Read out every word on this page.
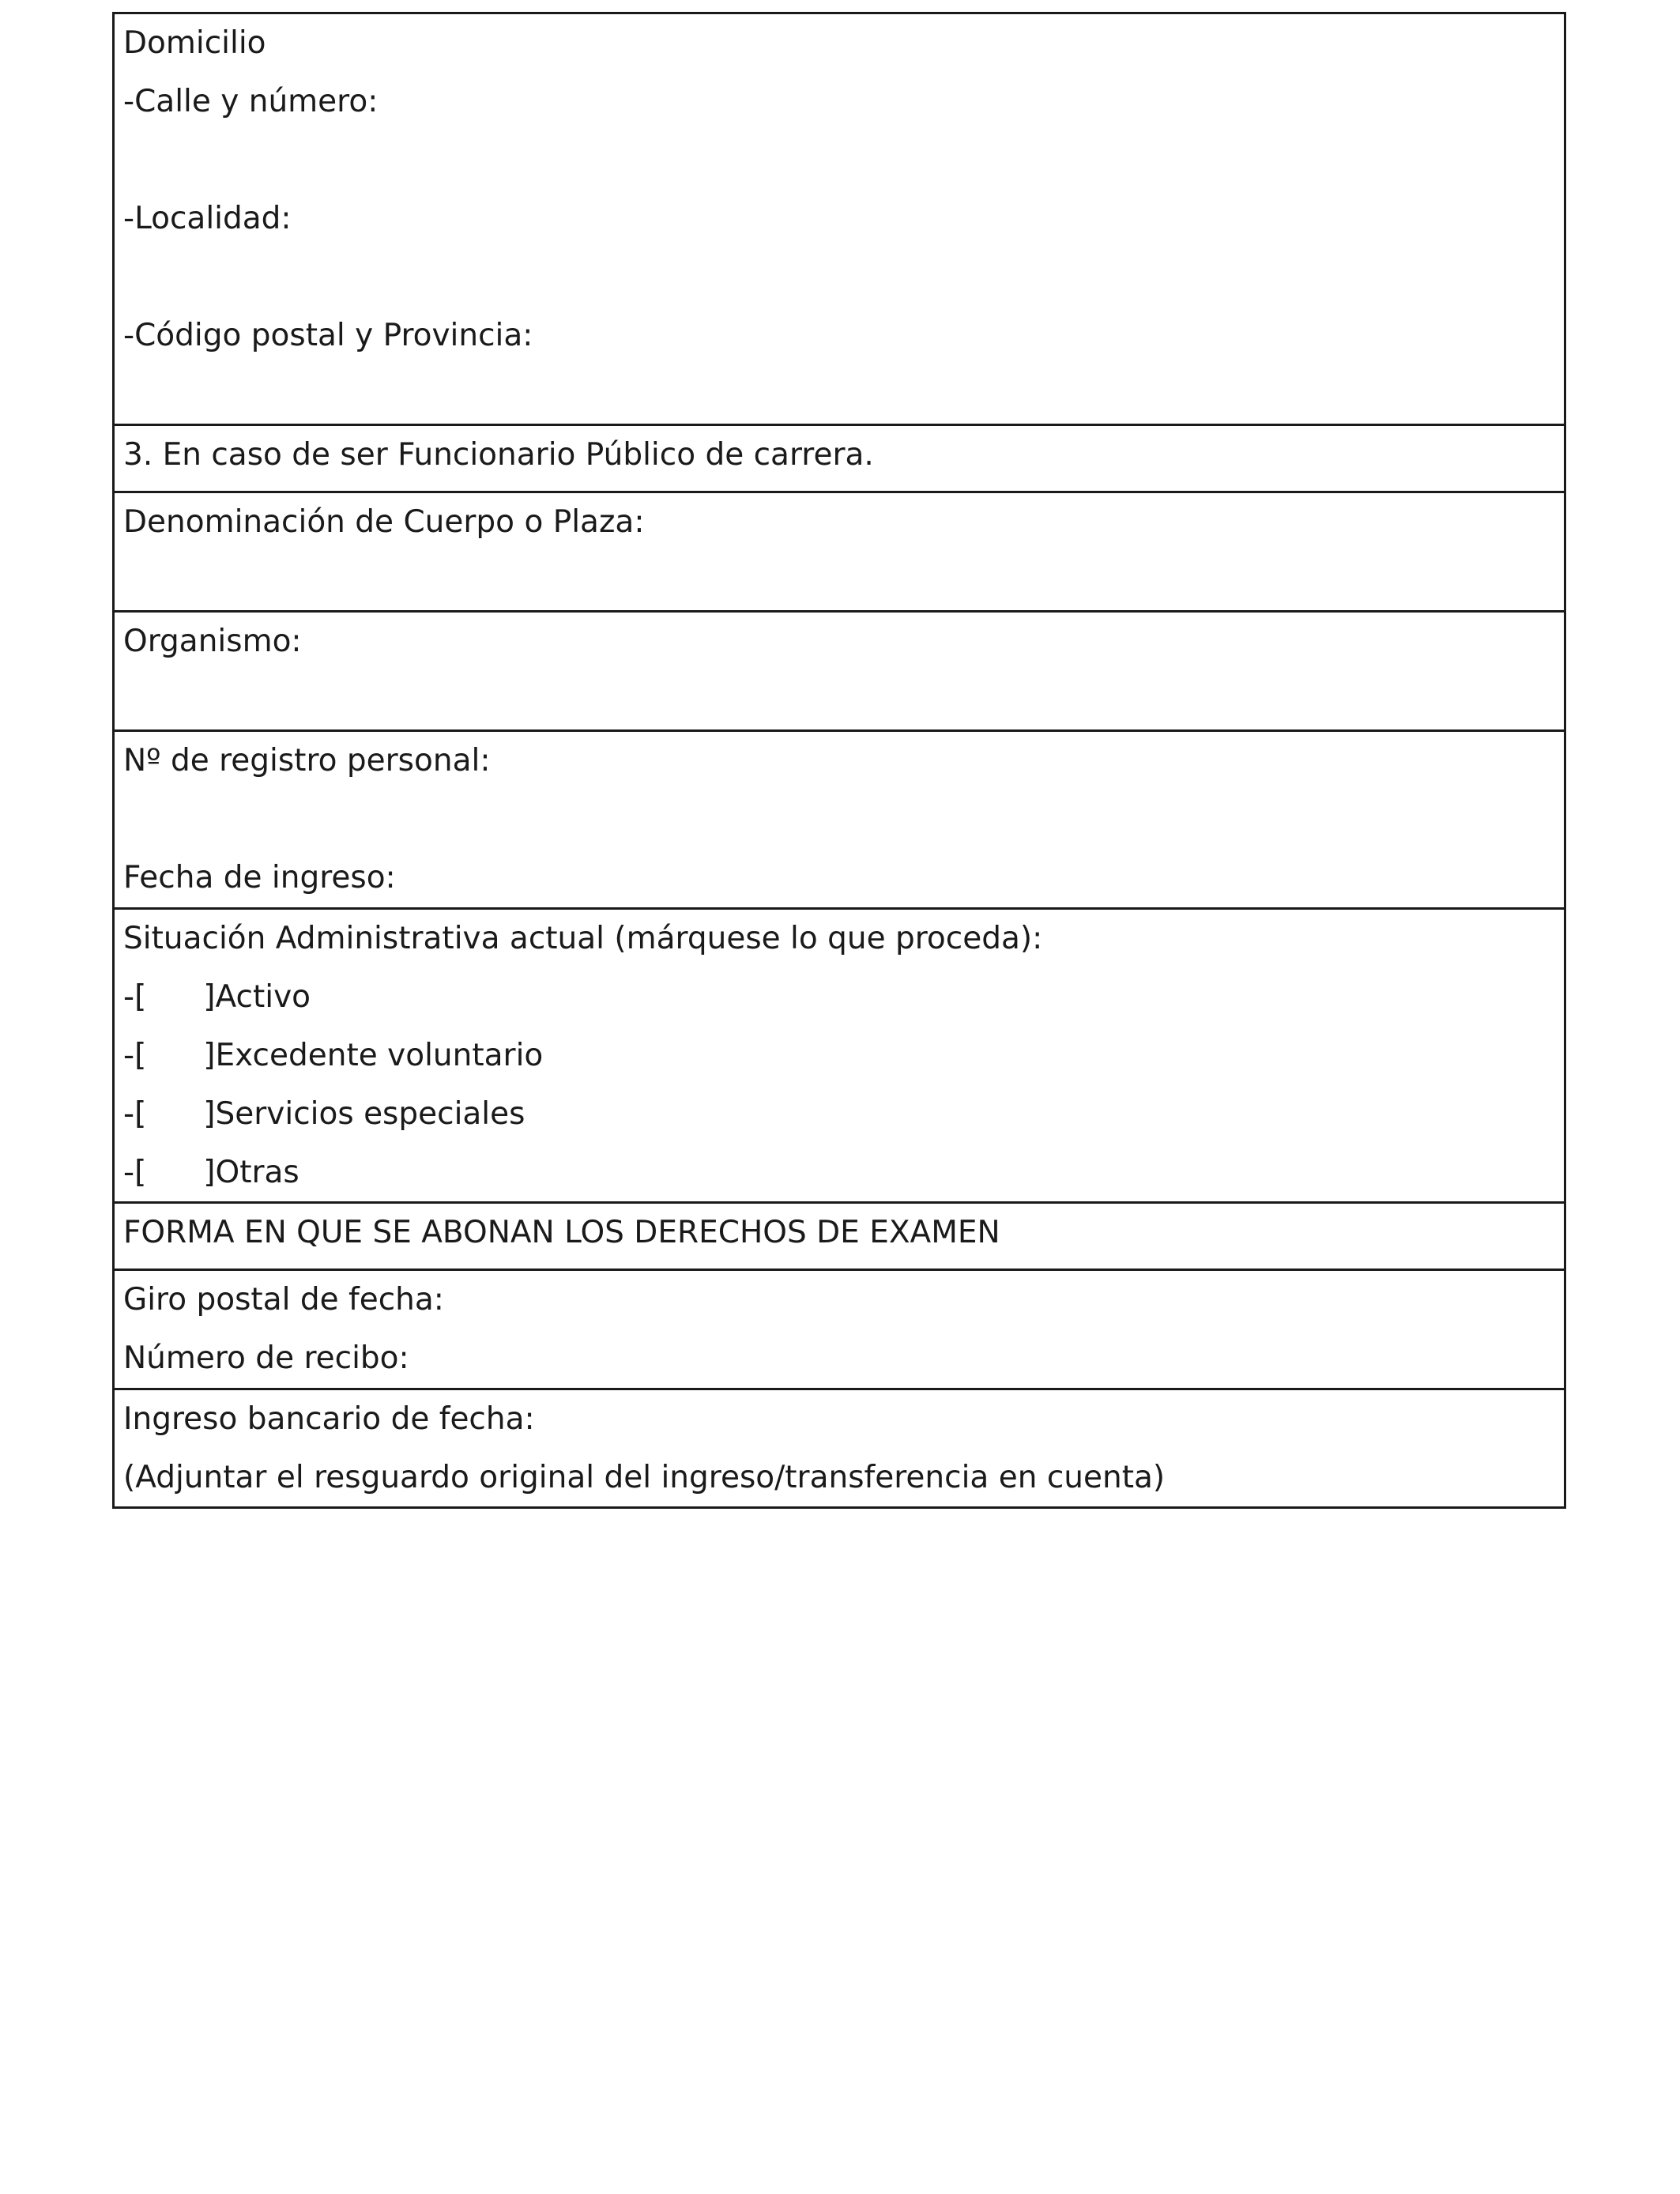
Domicilio
-Calle y número:
-Localidad:
-Código postal y Provincia:
3. En caso de ser Funcionario Público de carrera.
Denominación de Cuerpo o Plaza:
Organismo:
Nº de registro personal:
Fecha de ingreso:
Situación Administrativa actual (márquese lo que proceda):
-[ ]Activo
-[ ]Excedente voluntario
-[ ]Servicios especiales
-[ ]Otras
FORMA EN QUE SE ABONAN LOS DERECHOS DE EXAMEN
Giro postal de fecha:
Número de recibo:
Ingreso bancario de fecha:
(Adjuntar el resguardo original del ingreso/transferencia en cuenta)
